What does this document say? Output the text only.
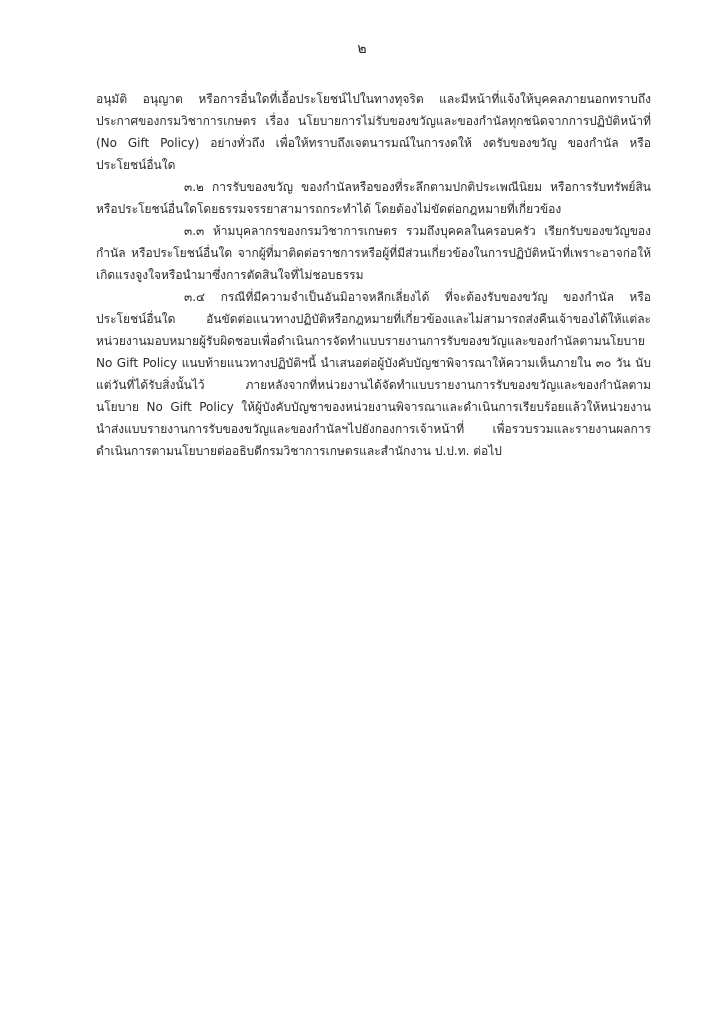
๒

อนุมัติ อนุญาต หรือการอื่นใดที่เอื้อประโยชน์ไปในทางทุจริต และมีหน้าที่แจ้งให้บุคคลภายนอกทราบถึงประกาศของกรมวิชาการเกษตร เรื่อง นโยบายการไม่รับของขวัญและของกำนัลทุกชนิดจากการปฏิบัติหน้าที่ (No Gift Policy) อย่างทั่วถึง เพื่อให้ทราบถึงเจตนารมณ์ในการงดให้ งดรับของขวัญ ของกำนัล หรือประโยชน์อื่นใด

๓.๒ การรับของขวัญ ของกำนัลหรือของที่ระลึกตามปกติประเพณีนิยม หรือการรับทรัพย์สินหรือประโยชน์อื่นใดโดยธรรมจรรยาสามารถกระทำได้ โดยต้องไม่ขัดต่อกฎหมายที่เกี่ยวข้อง

๓.๓ ห้ามบุคลากรของกรมวิชาการเกษตร รวมถึงบุคคลในครอบครัว เรียกรับของขวัญของกำนัล หรือประโยชน์อื่นใด จากผู้ที่มาติดต่อราชการหรือผู้ที่มีส่วนเกี่ยวข้องในการปฏิบัติหน้าที่เพราะอาจก่อให้เกิดแรงจูงใจหรือนำมาซึ่งการตัดสินใจที่ไม่ชอบธรรม

๓.๔ กรณีที่มีความจำเป็นอันมิอาจหลีกเลี่ยงได้ ที่จะต้องรับของขวัญ ของกำนัล หรือประโยชน์อื่นใด อันขัดต่อแนวทางปฏิบัติหรือกฎหมายที่เกี่ยวข้องและไม่สามารถส่งคืนเจ้าของได้ให้แต่ละหน่วยงานมอบหมายผู้รับผิดชอบเพื่อดำเนินการจัดทำแบบรายงานการรับของขวัญและของกำนัลตามนโยบาย No Gift Policy แนบท้ายแนวทางปฏิบัติฯนี้ นำเสนอต่อผู้บังคับบัญชาพิจารณาให้ความเห็นภายใน ๓๐ วัน นับแต่วันที่ได้รับสิ่งนั้นไว้ ภายหลังจากที่หน่วยงานได้จัดทำแบบรายงานการรับของขวัญและของกำนัลตามนโยบาย No Gift Policy ให้ผู้บังคับบัญชาของหน่วยงานพิจารณาและดำเนินการเรียบร้อยแล้วให้หน่วยงานนำส่งแบบรายงานการรับของขวัญและของกำนัลฯไปยังกองการเจ้าหน้าที่ เพื่อรวบรวมและรายงานผลการดำเนินการตามนโยบายต่ออธิบดีกรมวิชาการเกษตรและสำนักงาน ป.ป.ท. ต่อไป
